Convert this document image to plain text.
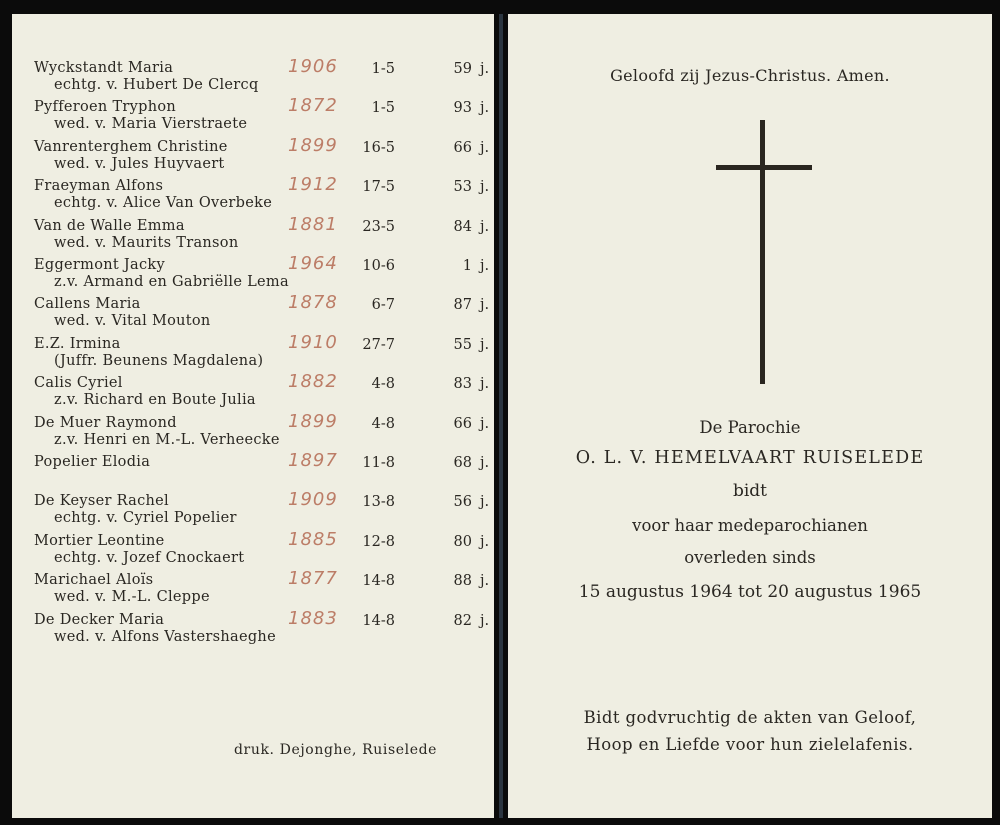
Wyckstandt Maria
echtg. v. Hubert De Clercq
1906	1-5	59 j.
Pyfferoen Tryphon
wed. v. Maria Vierstraete
1872	1-5	93 j.
Vanrenterghem Christine
wed. v. Jules Huyvaert
1899	16-5	66 j.
Fraeyman Alfons
echtg. v. Alice Van Overbeke
1912	17-5	53 j.
Van de Walle Emma
wed. v. Maurits Transon
1881	23-5	84 j.
Eggermont Jacky
z.v. Armand en Gabriëlle Lema
1964	10-6	1 j.
Callens Maria
wed. v. Vital Mouton
1878	6-7	87 j.
E.Z. Irmina
(Juffr. Beunens Magdalena)
1910	27-7	55 j.
Calis Cyriel
z.v. Richard en Boute Julia
1882	4-8	83 j.
De Muer Raymond
z.v. Henri en M.-L. Verheecke
1899	4-8	66 j.
Popelier Elodia	1897	11-8	68 j.
De Keyser Rachel
echtg. v. Cyriel Popelier
1909	13-8	56 j.
Mortier Leontine
echtg. v. Jozef Cnockaert
1885	12-8	80 j.
Marichael Aloïs
wed. v. M.-L. Cleppe
1877	14-8	88 j.
De Decker Maria
wed. v. Alfons Vastershaeghe
1883	14-8	82 j.
druk. Dejonghe, Ruiselede
Geloofd zij Jezus-Christus. Amen.
De Parochie
O. L. V. HEMELVAART RUISELEDE
bidt
voor haar medeparochianen
overleden sinds
15 augustus 1964 tot 20 augustus 1965
Bidt godvruchtig de akten van Geloof,
Hoop en Liefde voor hun zielelafenis.
